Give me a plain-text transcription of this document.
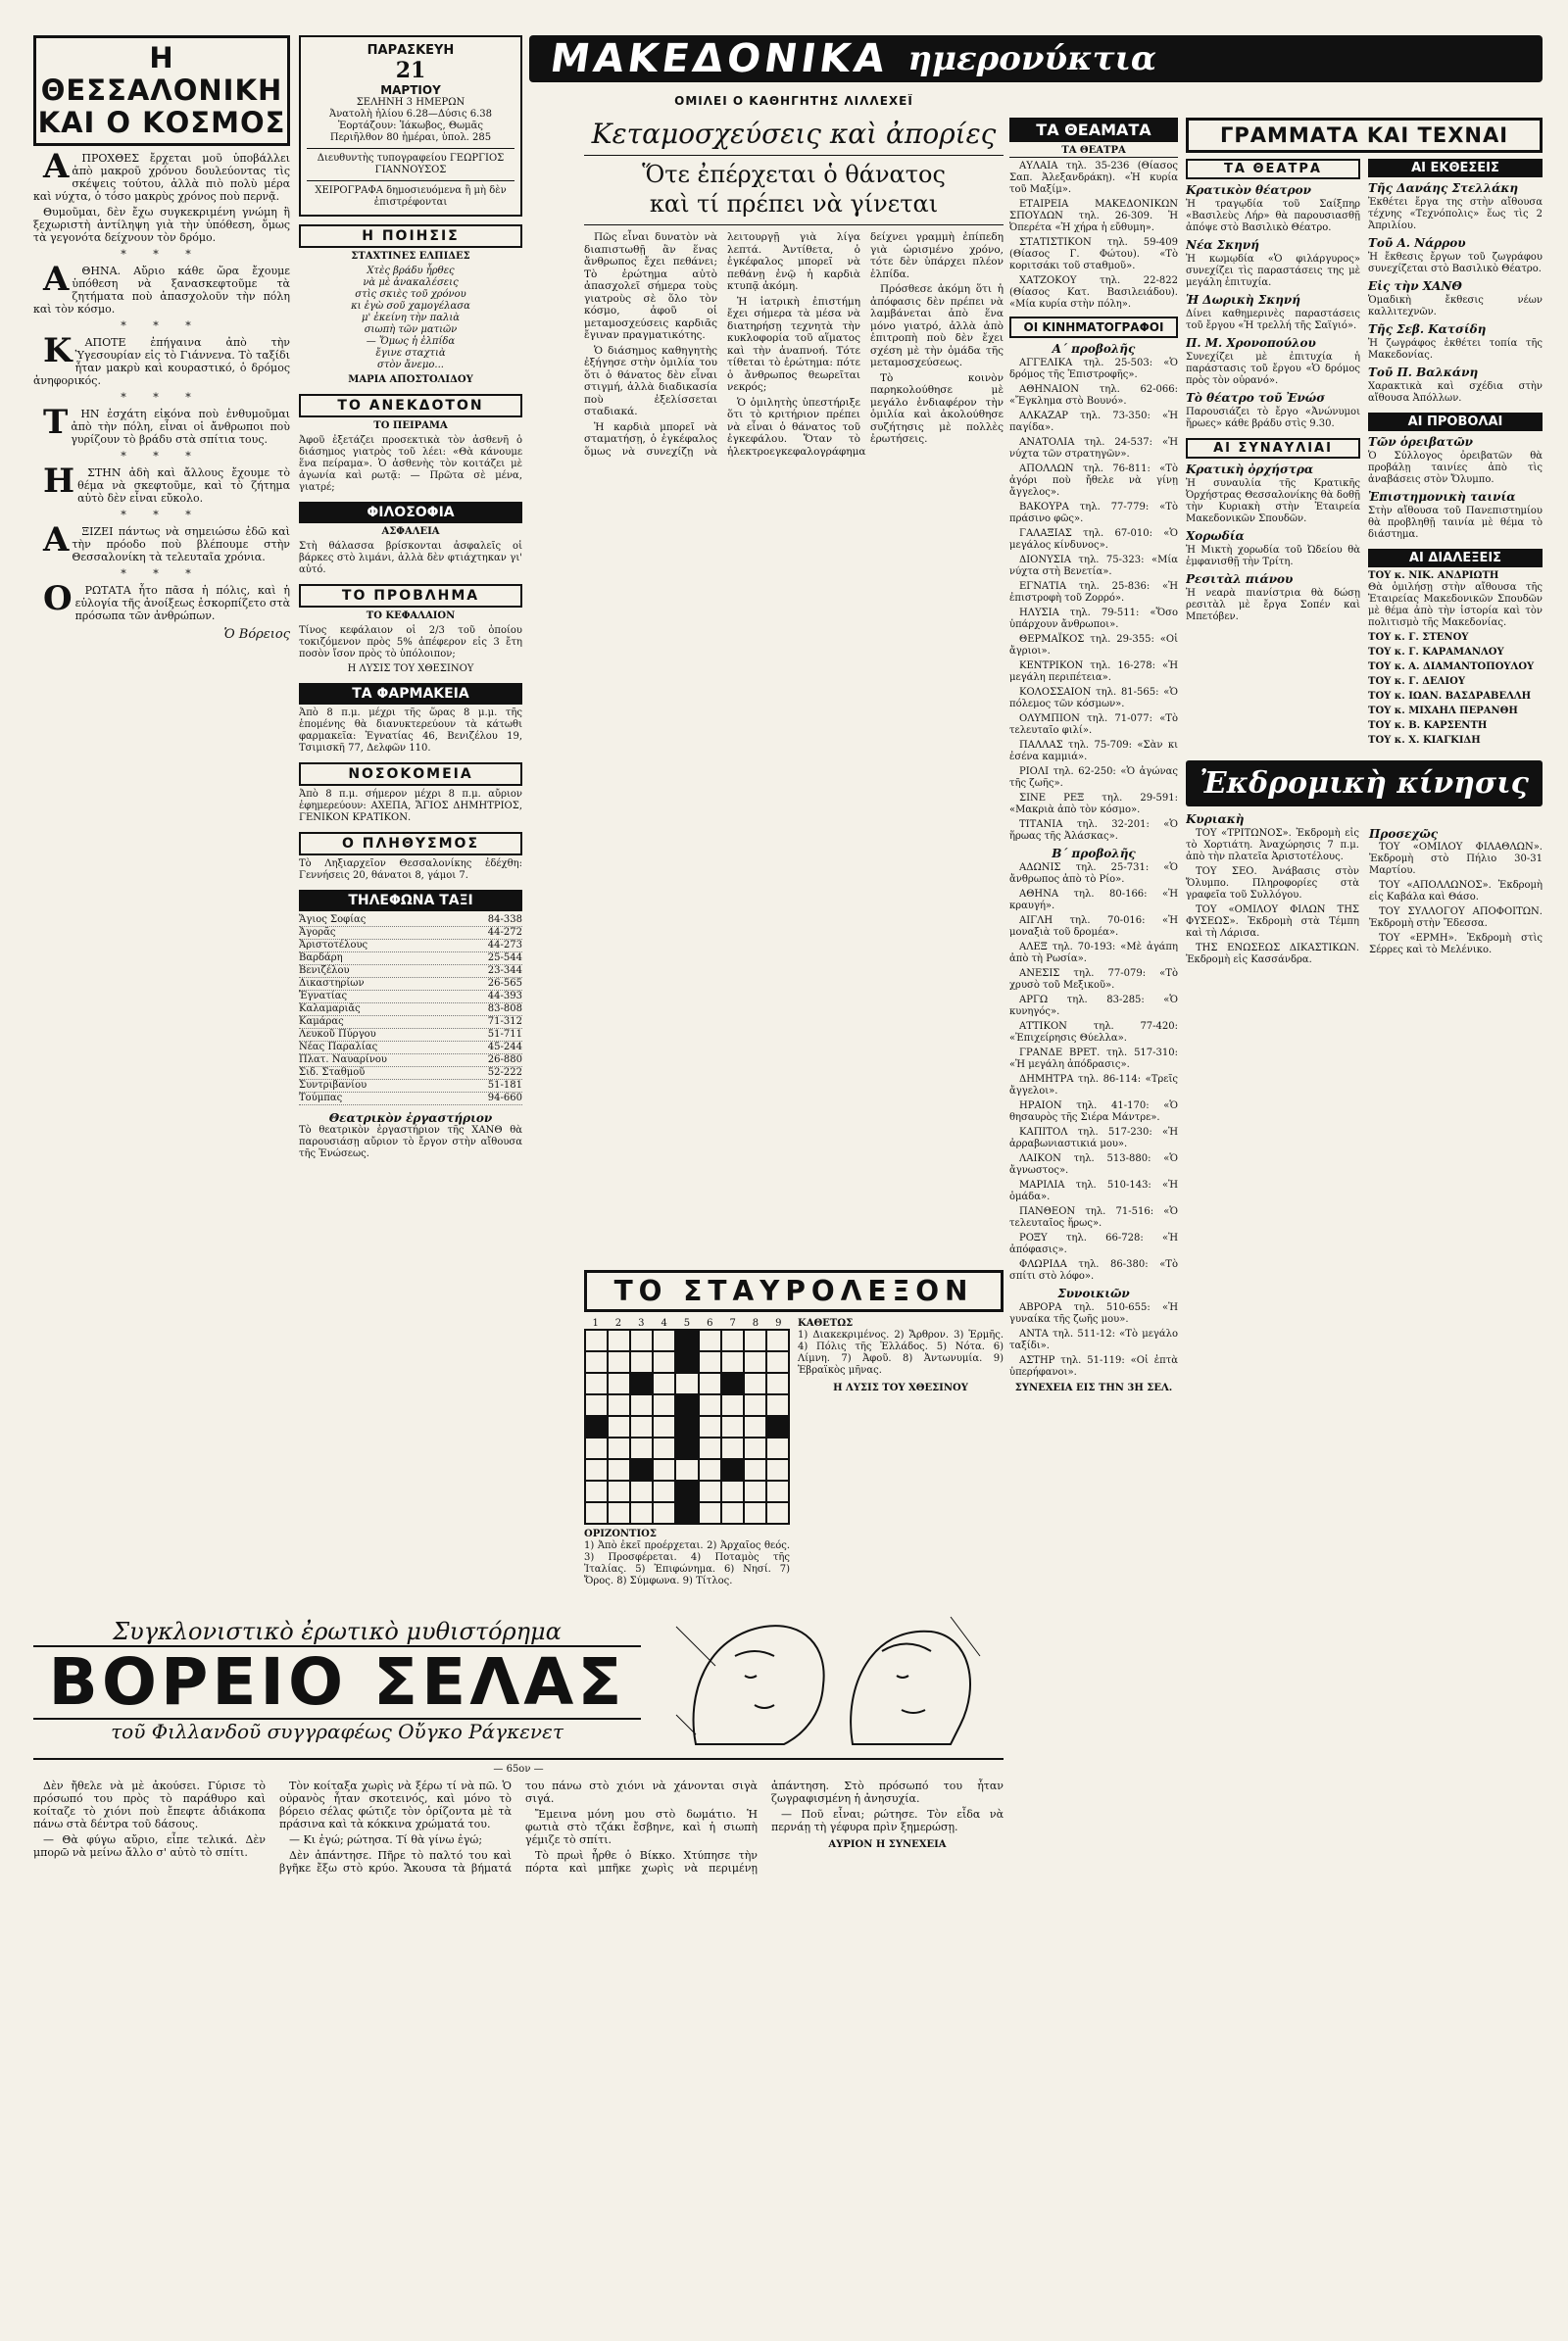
Η ΘΕΣΣΑΛΟΝΙΚΗ
ΚΑΙ Ο ΚΟΣΜΟΣ

ΑΠΡΟΧΘΕΣ ἔρχεται μοῦ ὑποβάλλει ἀπὸ μακροῦ χρόνου δουλεύοντας τὶς σκέψεις τούτου, ἀλλὰ πιὸ πολὺ μέρα καὶ νύχτα, ὁ τόσο μακρὺς χρόνος ποὺ περνᾷ.

Θυμοῦμαι, δὲν ἔχω συγκεκριμένη γνώμη ἢ ξεχωριστὴ ἀντίληψη γιὰ τὴν ὑπόθεση, ὅμως τὰ γεγονότα δείχνουν τὸν δρόμο.

* * *

ΑΘΗΝΑ. Αὔριο κάθε ὥρα ἔχουμε ὑπόθεση νὰ ξανασκεφτοῦμε τὰ ζητήματα ποὺ ἀπασχολοῦν τὴν πόλη καὶ τὸν κόσμο.

* * *

ΚΑΠΟΤΕ ἐπήγαινα ἀπὸ τὴν Ὑγεσουρίαν εἰς τὸ Γιάννενα. Τὸ ταξίδι ἦταν μακρὺ καὶ κουραστικό, ὁ δρόμος ἀνηφορικός.

* * *

ΤΗΝ ἐσχάτη εἰκόνα ποὺ ἐνθυμοῦμαι ἀπὸ τὴν πόλη, εἶναι οἱ ἄνθρωποι ποὺ γυρίζουν τὸ βράδυ στὰ σπίτια τους.

* * *

ΗΣΤΗΝ ἀδὴ καὶ ἄλλους ἔχουμε τὸ θέμα νὰ σκεφτοῦμε, καὶ τὸ ζήτημα αὐτὸ δὲν εἶναι εὔκολο.

* * *

ΑΞΙΖΕΙ πάντως νὰ σημειώσω ἐδῶ καὶ τὴν πρόοδο ποὺ βλέπουμε στὴν Θεσσαλονίκη τὰ τελευταῖα χρόνια.

* * *

ΟΡΩΤΑΤΑ ἦτο πᾶσα ἡ πόλις, καὶ ἡ εὐλογία τῆς ἀνοίξεως ἐσκορπίζετο στὰ πρόσωπα τῶν ἀνθρώπων.

Ὁ Βόρειος
ΠΑΡΑΣΚΕΥΗ
21
ΜΑΡΤΙΟΥ
ΣΕΛΗΝΗ 3 ΗΜΕΡΩΝ
Ἀνατολὴ ἡλίου 6.28—Δύσις 6.38
Ἑορτάζουν: Ἰάκωβος, Θωμᾶς
Περιῆλθον 80 ἡμέραι, ὑπολ. 285
Διευθυντὴς τυπογραφείου ΓΕΩΡΓΙΟΣ ΓΙΑΝΝΟΥΣΟΣ
ΧΕΙΡΟΓΡΑΦΑ δημοσιευόμενα ἢ μὴ δὲν ἐπιστρέφονται
Η ΠΟΙΗΣΙΣ
ΣΤΑΧΤΙΝΕΣ ΕΛΠΙΔΕΣ
Χτὲς βράδυ ἦρθες
νὰ μὲ ἀνακαλέσεις
στὶς σκιὲς τοῦ χρόνου
κι ἐγὼ σοῦ χαμογέλασα
μ' ἐκείνη τὴν παλιὰ
σιωπὴ τῶν ματιῶν
— Ὅμως ἡ ἐλπίδα
ἔγινε σταχτιὰ
στὸν ἄνεμο...
ΜΑΡΙΑ ΑΠΟΣΤΟΛΙΔΟΥ
ΤΟ ΑΝΕΚΔΟΤΟΝ
ΤΟ ΠΕΙΡΑΜΑ
Ἀφοῦ ἐξετάζει προσεκτικὰ τὸν ἀσθενῆ ὁ διάσημος γιατρὸς τοῦ λέει: «Θὰ κάνουμε ἕνα πείραμα». Ὁ ἀσθενὴς τὸν κοιτάζει μὲ ἀγωνία καὶ ρωτᾷ: — Πρῶτα σὲ μένα, γιατρέ;
ΦΙΛΟΣΟΦΙΑ
ΑΣΦΑΛΕΙΑ
Στὴ θάλασσα βρίσκονται ἀσφαλεῖς οἱ βάρκες στὸ λιμάνι, ἀλλὰ δὲν φτιάχτηκαν γι' αὐτό.
ΤΟ ΠΡΟΒΛΗΜΑ
ΤΟ ΚΕΦΑΛΑΙΟΝ
Τίνος κεφάλαιον οἱ 2/3 τοῦ ὁποίου τοκιζόμενον πρὸς 5% ἀπέφερον εἰς 3 ἔτη ποσὸν ἴσον πρὸς τὸ ὑπόλοιπον;
Η ΛΥΣΙΣ ΤΟΥ ΧΘΕΣΙΝΟΥ
ΤΑ ΦΑΡΜΑΚΕΙΑ
Ἀπὸ 8 π.μ. μέχρι τῆς ὥρας 8 μ.μ. τῆς ἑπομένης θὰ διανυκτερεύουν τὰ κάτωθι φαρμακεῖα: Ἐγνατίας 46, Βενιζέλου 19, Τσιμισκῆ 77, Δελφῶν 110.
ΝΟΣΟΚΟΜΕΙΑ
Ἀπὸ 8 π.μ. σήμερον μέχρι 8 π.μ. αὔριον ἐφημερεύουν: ΑΧΕΠΑ, ἌΓΙΟΣ ΔΗΜΗΤΡΙΟΣ, ΓΕΝΙΚΟΝ ΚΡΑΤΙΚΟΝ.
Ο ΠΛΗΘΥΣΜΟΣ
Τὸ Ληξιαρχεῖον Θεσσαλονίκης ἐδέχθη: Γεννήσεις 20, θάνατοι 8, γάμοι 7.
ΤΗΛΕΦΩΝΑ ΤΑΞΙ
Ἄγιος Σοφίας	84-338
Ἀγορᾶς	44-272
Ἀριστοτέλους	44-273
Βαρδάρη	25-544
Βενιζέλου	23-344
Δικαστηρίων	26-565
Ἐγνατίας	44-393
Καλαμαριᾶς	83-808
Καμάρας	71-312
Λευκοῦ Πύργου	51-711
Νέας Παραλίας	45-244
Πλατ. Ναυαρίνου	26-880
Σιδ. Σταθμοῦ	52-222
Συντριβανίου	51-181
Τούμπας	94-660
Θεατρικὸν ἐργαστήριον
Τὸ θεατρικὸν ἐργαστήριον τῆς ΧΑΝΘ θὰ παρουσιάσῃ αὔριον τὸ ἔργον στὴν αἴθουσα τῆς Ἑνώσεως.
ΜΑΚΕΔΟΝΙΚΑ ημερονύκτια
ΟΜΙΛΕΙ Ο ΚΑΘΗΓΗΤΗΣ ΛΙΛΛΕΧΕΪ
Κεταμοσχεύσεις καὶ ἀπορίες
Ὅτε ἐπέρχεται ὁ θάνατος
καὶ τί πρέπει νὰ γίνεται

Πῶς εἶναι δυνατὸν νὰ διαπιστωθῇ ἂν ἕνας ἄνθρωπος ἔχει πεθάνει; Τὸ ἐρώτημα αὐτὸ ἀπασχολεῖ σήμερα τοὺς γιατροὺς σὲ ὅλο τὸν κόσμο, ἀφοῦ οἱ μεταμοσχεύσεις καρδιᾶς ἔγιναν πραγματικότης.

Ὁ διάσημος καθηγητὴς ἐξήγησε στὴν ὁμιλία του ὅτι ὁ θάνατος δὲν εἶναι στιγμή, ἀλλὰ διαδικασία ποὺ ἐξελίσσεται σταδιακά.

Ἡ καρδιὰ μπορεῖ νὰ σταματήσῃ, ὁ ἐγκέφαλος ὅμως νὰ συνεχίζῃ νὰ λειτουργῇ γιὰ λίγα λεπτά. Ἀντίθετα, ὁ ἐγκέφαλος μπορεῖ νὰ πεθάνῃ ἐνῷ ἡ καρδιὰ κτυπᾷ ἀκόμη.

Ἡ ἰατρικὴ ἐπιστήμη ἔχει σήμερα τὰ μέσα νὰ διατηρήσῃ τεχνητὰ τὴν κυκλοφορία τοῦ αἵματος καὶ τὴν ἀναπνοή. Τότε τίθεται τὸ ἐρώτημα: πότε ὁ ἄνθρωπος θεωρεῖται νεκρός;

Ὁ ὁμιλητὴς ὑπεστήριξε ὅτι τὸ κριτήριον πρέπει νὰ εἶναι ὁ θάνατος τοῦ ἐγκεφάλου. Ὅταν τὸ ἠλεκτροεγκεφαλογράφημα δείχνει γραμμὴ ἐπίπεδη γιὰ ὡρισμένο χρόνο, τότε δὲν ὑπάρχει πλέον ἐλπίδα.

Πρόσθεσε ἀκόμη ὅτι ἡ ἀπόφασις δὲν πρέπει νὰ λαμβάνεται ἀπὸ ἕνα μόνο γιατρό, ἀλλὰ ἀπὸ ἐπιτροπὴ ποὺ δὲν ἔχει σχέση μὲ τὴν ὁμάδα τῆς μεταμοσχεύσεως.

Τὸ κοινὸν παρηκολούθησε μὲ μεγάλο ἐνδιαφέρον τὴν ὁμιλία καὶ ἀκολούθησε συζήτησις μὲ πολλὲς ἐρωτήσεις.

ΤΟ ΣΤΑΥΡΟΛΕΞΟΝ
1	2	3	4	5	6	7	8	9
ΟΡΙΖΟΝΤΙΟΣ
1) Ἀπὸ ἐκεῖ προέρχεται. 2) Ἀρχαῖος θεός. 3) Προσφέρεται. 4) Ποταμὸς τῆς Ἰταλίας. 5) Ἐπιφώνημα. 6) Νησί. 7) Ὄρος. 8) Σύμφωνα. 9) Τίτλος.
ΚΑΘΕΤΩΣ
1) Διακεκριμένος. 2) Ἄρθρον. 3) Ἑρμῆς. 4) Πόλις τῆς Ἑλλάδος. 5) Νότα. 6) Λίμνη. 7) Ἀφοῦ. 8) Ἀντωνυμία. 9) Ἑβραϊκὸς μῆνας.
Η ΛΥΣΙΣ ΤΟΥ ΧΘΕΣΙΝΟΥ
Συγκλονιστικὸ ἐρωτικὸ μυθιστόρημα
ΒΟΡΕΙΟ ΣΕΛΑΣ
τοῦ Φιλλανδοῦ συγγραφέως Οὔγκο Ράγκενετ
— 65ον —

Δὲν ἤθελε νὰ μὲ ἀκούσει. Γύρισε τὸ πρόσωπό του πρὸς τὸ παράθυρο καὶ κοίταζε τὸ χιόνι ποὺ ἔπεφτε ἀδιάκοπα πάνω στὰ δέντρα τοῦ δάσους.

— Θὰ φύγω αὔριο, εἶπε τελικά. Δὲν μπορῶ νὰ μείνω ἄλλο σ' αὐτὸ τὸ σπίτι.

Τὸν κοίταξα χωρὶς νὰ ξέρω τί νὰ πῶ. Ὁ οὐρανὸς ἦταν σκοτεινός, καὶ μόνο τὸ βόρειο σέλας φώτιζε τὸν ὁρίζοντα μὲ τὰ πράσινα καὶ τὰ κόκκινα χρώματά του.

— Κι ἐγώ; ρώτησα. Τί θὰ γίνω ἐγώ;

Δὲν ἀπάντησε. Πῆρε τὸ παλτό του καὶ βγῆκε ἔξω στὸ κρύο. Ἄκουσα τὰ βήματά του πάνω στὸ χιόνι νὰ χάνονται σιγὰ σιγά.

Ἔμεινα μόνη μου στὸ δωμάτιο. Ἡ φωτιὰ στὸ τζάκι ἔσβηνε, καὶ ἡ σιωπὴ γέμιζε τὸ σπίτι.

Τὸ πρωὶ ἦρθε ὁ Βίκκο. Χτύπησε τὴν πόρτα καὶ μπῆκε χωρὶς νὰ περιμένῃ ἀπάντηση. Στὸ πρόσωπό του ἦταν ζωγραφισμένη ἡ ἀνησυχία.

— Ποῦ εἶναι; ρώτησε. Τὸν εἶδα νὰ περνάῃ τὴ γέφυρα πρὶν ξημερώσῃ.

ΑΥΡΙΟΝ Η ΣΥΝΕΧΕΙΑ
ΤΑ ΘΕΑΜΑΤΑ
ΤΑ ΘΕΑΤΡΑ

ΑΥΛΑΙΑ τηλ. 35-236 (Θίασος Σαπ. Ἀλεξανδράκη). «Ἡ κυρία τοῦ Μαξίμ».

ΕΤΑΙΡΕΙΑ ΜΑΚΕΔΟΝΙΚΩΝ ΣΠΟΥΔΩΝ τηλ. 26-309. Ἡ Ὀπερέτα «Ἡ χήρα ἡ εὔθυμη».

ΣΤΑΤΙΣΤΙΚΟΝ τηλ. 59-409 (Θίασος Γ. Φώτου). «Τὸ κοριτσάκι τοῦ σταθμοῦ».

ΧΑΤΖΟΚΟΥ τηλ. 22-822 (Θίασος Κατ. Βασιλειάδου). «Μία κυρία στὴν πόλη».

ΟΙ ΚΙΝΗΜΑΤΟΓΡΑΦΟΙ
Α΄ προβολῆς

ΑΓΓΕΛΙΚΑ τηλ. 25-503: «Ὁ δρόμος τῆς Ἐπιστροφῆς».

ΑΘΗΝΑΙΟΝ τηλ. 62-066: «Ἔγκλημα στὸ Βουνό».

ΑΛΚΑΖΑΡ τηλ. 73-350: «Ἡ παγίδα».

ΑΝΑΤΟΛΙΑ τηλ. 24-537: «Ἡ νύχτα τῶν στρατηγῶν».

ΑΠΟΛΛΩΝ τηλ. 76-811: «Τὸ ἀγόρι ποὺ ἤθελε νὰ γίνῃ ἄγγελος».

ΒΑΚΟΥΡΑ τηλ. 77-779: «Τὸ πράσινο φῶς».

ΓΑΛΑΞΙΑΣ τηλ. 67-010: «Ὁ μεγάλος κίνδυνος».

ΔΙΟΝΥΣΙΑ τηλ. 75-323: «Μία νύχτα στὴ Βενετία».

ΕΓΝΑΤΙΑ τηλ. 25-836: «Ἡ ἐπιστροφὴ τοῦ Ζορρό».

ΗΛΥΣΙΑ τηλ. 79-511: «Ὅσο ὑπάρχουν ἄνθρωποι».

ΘΕΡΜΑΪΚΟΣ τηλ. 29-355: «Οἱ ἄγριοι».

ΚΕΝΤΡΙΚΟΝ τηλ. 16-278: «Ἡ μεγάλη περιπέτεια».

ΚΟΛΟΣΣΑΙΟΝ τηλ. 81-565: «Ὁ πόλεμος τῶν κόσμων».

ΟΛΥΜΠΙΟΝ τηλ. 71-077: «Τὸ τελευταῖο φιλί».

ΠΑΛΛΑΣ τηλ. 75-709: «Σὰν κι ἐσένα καμμιά».

ΡΙΟΛΙ τηλ. 62-250: «Ὁ ἀγώνας τῆς ζωῆς».

ΣΙΝΕ ΡΕΞ τηλ. 29-591: «Μακριὰ ἀπὸ τὸν κόσμο».

ΤΙΤΑΝΙΑ τηλ. 32-201: «Ὁ ἥρωας τῆς Ἀλάσκας».

Β΄ προβολῆς

ΑΔΩΝΙΣ τηλ. 25-731: «Ὁ ἄνθρωπος ἀπὸ τὸ Ρίο».

ΑΘΗΝΑ τηλ. 80-166: «Ἡ κραυγή».

ΑΙΓΛΗ τηλ. 70-016: «Ἡ μοναξιὰ τοῦ δρομέα».

ΑΛΕΞ τηλ. 70-193: «Μὲ ἀγάπη ἀπὸ τὴ Ρωσία».

ΑΝΕΣΙΣ τηλ. 77-079: «Τὸ χρυσὸ τοῦ Μεξικοῦ».

ΑΡΓΩ τηλ. 83-285: «Ὁ κυνηγός».

ΑΤΤΙΚΟΝ τηλ. 77-420: «Ἐπιχείρησις Θύελλα».

ΓΡΑΝΔΕ ΒΡΕΤ. τηλ. 517-310: «Ἡ μεγάλη ἀπόδρασις».

ΔΗΜΗΤΡΑ τηλ. 86-114: «Τρεῖς ἄγγελοι».

ΗΡΑΙΟΝ τηλ. 41-170: «Ὁ θησαυρὸς τῆς Σιέρα Μάντρε».

ΚΑΠΙΤΟΛ τηλ. 517-230: «Ἡ ἀρραβωνιαστικιά μου».

ΛΑΙΚΟΝ τηλ. 513-880: «Ὁ ἄγνωστος».

ΜΑΡΙΛΙΑ τηλ. 510-143: «Ἡ ὁμάδα».

ΠΑΝΘΕΟΝ τηλ. 71-516: «Ὁ τελευταῖος ἥρως».

ΡΟΞΥ τηλ. 66-728: «Ἡ ἀπόφασις».

ΦΛΩΡΙΔΑ τηλ. 86-380: «Τὸ σπίτι στὸ λόφο».

Συνοικιῶν

ΑΒΡΟΡΑ τηλ. 510-655: «Ἡ γυναίκα τῆς ζωῆς μου».

ΑΝΤΑ τηλ. 511-12: «Τὸ μεγάλο ταξίδι».

ΑΣΤΗΡ τηλ. 51-119: «Οἱ ἐπτὰ ὑπερήφανοι».

ΣΥΝΕΧΕΙΑ ΕΙΣ ΤΗΝ 3Η ΣΕΛ.
ΓΡΑΜΜΑΤΑ ΚΑΙ ΤΕΧΝΑΙ
ΤΑ ΘΕΑΤΡΑ
Κρατικὸν θέατρον
Ἡ τραγῳδία τοῦ Σαίξπηρ «Βασιλεὺς Λήρ» θὰ παρουσιασθῇ ἀπόψε στὸ Βασιλικὸ Θέατρο.
Νέα Σκηνή
Ἡ κωμῳδία «Ὁ φιλάργυρος» συνεχίζει τὶς παραστάσεις της μὲ μεγάλη ἐπιτυχία.
Ἡ Δωρικὴ Σκηνή
Δίνει καθημερινὲς παραστάσεις τοῦ ἔργου «Ἡ τρελλή τῆς Σαϊγιό».
Π. Μ. Χρονοπούλου
Συνεχίζει μὲ ἐπιτυχία ἡ παράστασις τοῦ ἔργου «Ὁ δρόμος πρὸς τὸν οὐρανό».
Τὸ θέατρο τοῦ Ἐνώσ
Παρουσιάζει τὸ ἔργο «Ἀνώνυμοι ἥρωες» κάθε βράδυ στὶς 9.30.
ΑΙ ΣΥΝΑΥΛΙΑΙ
Κρατικὴ ὀρχήστρα
Ἡ συναυλία τῆς Κρατικῆς Ὀρχήστρας Θεσσαλονίκης θὰ δοθῇ τὴν Κυριακὴ στὴν Ἑταιρεία Μακεδονικῶν Σπουδῶν.
Χορωδία
Ἡ Μικτὴ χορωδία τοῦ Ὠδείου θὰ ἐμφανισθῇ τὴν Τρίτη.
Ρεσιτὰλ πιάνου
Ἡ νεαρὰ πιανίστρια θὰ δώσῃ ρεσιτὰλ μὲ ἔργα Σοπέν καὶ Μπετόβεν.
ΑΙ ΕΚΘΕΣΕΙΣ
Τῆς Δανάης Στελλάκη
Ἐκθέτει ἔργα της στὴν αἴθουσα τέχνης «Τεχνόπολις» ἕως τὶς 2 Ἀπριλίου.
Τοῦ Α. Νάρρου
Ἡ ἔκθεσις ἔργων τοῦ ζωγράφου συνεχίζεται στὸ Βασιλικὸ Θέατρο.
Εἰς τὴν ΧΑΝΘ
Ὁμαδικὴ ἔκθεσις νέων καλλιτεχνῶν.
Τῆς Σεβ. Κατσίδη
Ἡ ζωγράφος ἐκθέτει τοπία τῆς Μακεδονίας.
Τοῦ Π. Βαλκάνη
Χαρακτικὰ καὶ σχέδια στὴν αἴθουσα Ἀπόλλων.
ΑΙ ΠΡΟΒΟΛΑΙ
Τῶν ὁρειβατῶν
Ὁ Σύλλογος ὀρειβατῶν θὰ προβάλῃ ταινίες ἀπὸ τὶς ἀναβάσεις στὸν Ὄλυμπο.
Ἐπιστημονικὴ ταινία
Στὴν αἴθουσα τοῦ Πανεπιστημίου θὰ προβληθῇ ταινία μὲ θέμα τὸ διάστημα.
ΑΙ ΔΙΑΛΕΞΕΙΣ
ΤΟΥ κ. ΝΙΚ. ΑΝΔΡΙΩΤΗ
Θὰ ὁμιλήσῃ στὴν αἴθουσα τῆς Ἑταιρείας Μακεδονικῶν Σπουδῶν μὲ θέμα ἀπὸ τὴν ἱστορία καὶ τὸν πολιτισμὸ τῆς Μακεδονίας.
ΤΟΥ κ. Γ. ΣΤΕΝΟΥ
ΤΟΥ κ. Γ. ΚΑΡΑΜΑΝΛΟΥ
ΤΟΥ κ. Α. ΔΙΑΜΑΝΤΟΠΟΥΛΟΥ
ΤΟΥ κ. Γ. ΔΕΛΙΟΥ
ΤΟΥ κ. ΙΩΑΝ. ΒΑΣΔΡΑΒΕΛΛΗ
ΤΟΥ κ. ΜΙΧΑΗΛ ΠΕΡΑΝΘΗ
ΤΟΥ κ. Β. ΚΑΡΣΕΝΤΗ
ΤΟΥ κ. Χ. ΚΙΑΓΚΙΔΗ
Ἐκδρομικὴ κίνησις
Κυριακὴ

ΤΟΥ «ΤΡΙΤΩΝΟΣ». Ἐκδρομὴ εἰς τὸ Χορτιάτη. Ἀναχώρησις 7 π.μ. ἀπὸ τὴν πλατεῖα Ἀριστοτέλους.

ΤΟΥ ΣΕΟ. Ἀνάβασις στὸν Ὄλυμπο. Πληροφορίες στὰ γραφεῖα τοῦ Συλλόγου.

ΤΟΥ «ΟΜΙΛΟΥ ΦΙΛΩΝ ΤΗΣ ΦΥΣΕΩΣ». Ἐκδρομὴ στὰ Τέμπη καὶ τὴ Λάρισα.

ΤΗΣ ΕΝΩΣΕΩΣ ΔΙΚΑΣΤΙΚΩΝ. Ἐκδρομὴ εἰς Κασσάνδρα.

Προσεχῶς

ΤΟΥ «ΟΜΙΛΟΥ ΦΙΛΑΘΛΩΝ». Ἐκδρομὴ στὸ Πήλιο 30-31 Μαρτίου.

ΤΟΥ «ΑΠΟΛΛΩΝΟΣ». Ἐκδρομὴ εἰς Καβάλα καὶ Θάσο.

ΤΟΥ ΣΥΛΛΟΓΟΥ ΑΠΟΦΟΙΤΩΝ. Ἐκδρομὴ στὴν Ἔδεσσα.

ΤΟΥ «ΕΡΜΗ». Ἐκδρομὴ στὶς Σέρρες καὶ τὸ Μελένικο.
